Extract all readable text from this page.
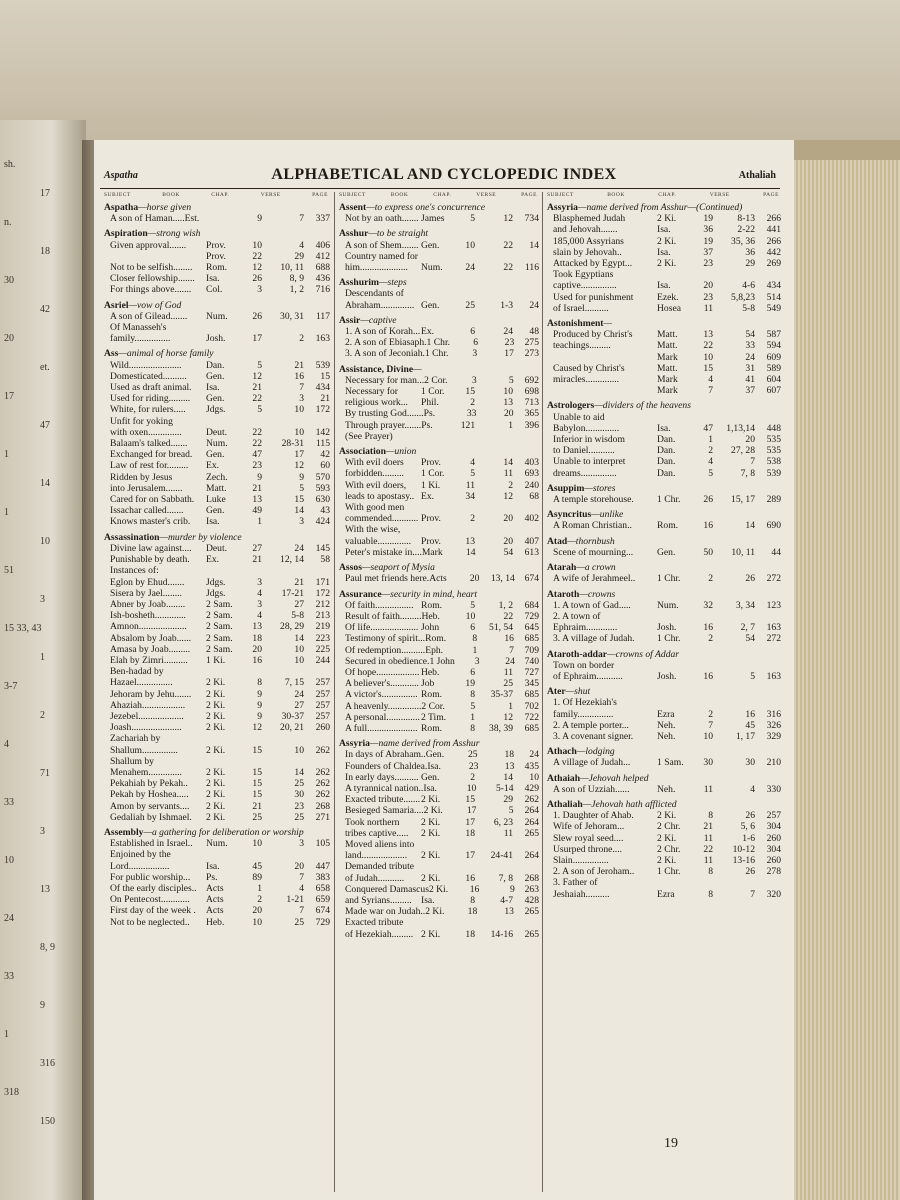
sh.
17
n.
18
30
42
20
et.
17
47
1
14
1
10
51
3
15 33, 43
1
3-7
2
4
71
33
3
10
13
24
8, 9
33
9
1
316
318
150
ALPHABETICAL AND CYCLOPEDIC INDEX
Aspatha	Athaliah
SUBJECT	BOOK	CHAP.	VERSE	PAGE
Aspatha—horse given
A son of Haman.....Est.	9	7	337
Aspiration—strong wish
Given approval.......	Prov.	10	4	406
Prov.	22	29	412
Not to be selfish........	Rom.	12	10, 11	688
Closer fellowship.......	Isa.	26	8, 9	436
For things above.......	Col.	3	1, 2	716
Asriel—vow of God
A son of Gilead.......	Num.	26	30, 31	117
Of Manasseh's
family...............	Josh.	17	2	163
Ass—animal of horse family
Wild......................	Dan.	5	21	539
Domesticated..........	Gen.	12	16	15
Used as draft animal.	Isa.	21	7	434
Used for riding.........	Gen.	22	3	21
White, for rulers.....	Jdgs.	5	10	172
Unfit for yoking
with oxen..............	Deut.	22	10	142
Balaam's talked.......	Num.	22	28-31	115
Exchanged for bread.	Gen.	47	17	42
Law of rest for.........	Ex.	23	12	60
Ridden by Jesus	Zech.	9	9	570
into Jerusalem.......	Matt.	21	5	593
Cared for on Sabbath.	Luke	13	15	630
Issachar called.......	Gen.	49	14	43
Knows master's crib.	Isa.	1	3	424
Assassination—murder by violence
Divine law against....	Deut.	27	24	145
Punishable by death.	Ex.	21	12, 14	58
Instances of:
Eglon by Ehud.......	Jdgs.	3	21	171
Sisera by Jael........	Jdgs.	4	17-21	172
Abner by Joab........	2 Sam.	3	27	212
Ish-bosheth.............	2 Sam.	4	5-8	213
Amnon....................	2 Sam.	13	28, 29	219
Absalom by Joab......	2 Sam.	18	14	223
Amasa by Joab.........	2 Sam.	20	10	225
Elah by Zimri..........	1 Ki.	16	10	244
Ben-hadad by
Hazael...............	2 Ki.	8	7, 15	257
Jehoram by Jehu.......	2 Ki.	9	24	257
Ahaziah..................	2 Ki.	9	27	257
Jezebel...................	2 Ki.	9	30-37	257
Joash.....................	2 Ki.	12	20, 21	260
Zachariah by
Shallum...............	2 Ki.	15	10	262
Shallum by
Menahem..............	2 Ki.	15	14	262
Pekahiah by Pekah..	2 Ki.	15	25	262
Pekah by Hoshea.....	2 Ki.	15	30	262
Amon by servants....	2 Ki.	21	23	268
Gedaliah by Ishmael.	2 Ki.	25	25	271
Assembly—a gathering for deliberation or worship
Established in Israel..	Num.	10	3	105
Enjoined by the
Lord.................	Isa.	45	20	447
For public worship...	Ps.	89	7	383
Of the early disciples.. Acts	1	4	658
On Pentecost............	Acts	2	1-21	659
First day of the week .	Acts	20	7	674
Not to be neglected..	Heb.	10	25	729
SUBJECT	BOOK	CHAP.	VERSE	PAGE
Assent—to express one's concurrence
Not by an oath....... James	5	12	734
Asshur—to be straight
A son of Shem....... Gen.	10	22	14
Country named for
him....................	Num.	24	22	116
Asshurim—steps
Descendants of
Abraham.............. Gen.	25	1-3	24
Assir—captive
1. A son of Korah... Ex.	6	24	48
2. A son of Ebiasaph. 1 Chr.	6	23	275
3. A son of Jeconiah. 1 Chr.	3	17	273
Assistance, Divine—
Necessary for man... 2 Cor.	3	5	692
Necessary for	1 Cor.	15	10	698
religious work...	Phil.	2	13	713
By trusting God....... Ps.	33	20	365
Through prayer....... Ps.	121	1	396
(See Prayer)
Association—union
With evil doers	Prov.	4	14	403
forbidden.........	1 Cor.	5	11	693
With evil doers,	1 Ki.	11	2	240
leads to apostasy.. Ex.	34	12	68
With good men
commended........... Prov.	2	20	402
With the wise,
valuable..............	Prov.	13	20	407
Peter's mistake in.... Mark	14	54	613
Assos—seaport of Mysia
Paul met friends here. Acts	20	13, 14	674
Assurance—security in mind, heart
Of faith................ Rom.	5	1, 2	684
Result of faith......... Heb.	10	22	729
Of life.................... John	6	51, 54	645
Testimony of spirit... Rom.	8	16	685
Of redemption.......... Eph.	1	7	709
Secured in obedience. 1 John	3	24	740
Of hope.................. Heb.	6	11	727
A believer's............ Job	19	25	345
A victor's............... Rom.	8	35-37	685
A heavenly.............. 2 Cor.	5	1	702
A personal.............. 2 Tim.	1	12	722
A full..................... Rom.	8	38, 39	685
Assyria—name derived from Asshur
In days of Abraham.. Gen.	25	18	24
Founders of Chaldea. Isa.	23	13	435
In early days.......... Gen.	2	14	10
A tyrannical nation.. Isa.	10	5-14	429
Exacted tribute....... 2 Ki.	15	29	262
Besieged Samaria.... 2 Ki.	17	5	264
Took northern	2 Ki.	17	6, 23	264
tribes captive.....	2 Ki.	18	11	265
Moved aliens into
land...................	2 Ki.	17	24-41	264
Demanded tribute
of Judah...........	2 Ki.	16	7, 8	268
Conquered Damascus 2 Ki.	16	9	263
and Syrians......... Isa.	8	4-7	428
Made war on Judah.. 2 Ki.	18	13	265
Exacted tribute
of Hezekiah......... 2 Ki.	18	14-16	265
SUBJECT	BOOK	CHAP.	VERSE	PAGE
Assyria—name derived from Asshur—(Continued)
Blasphemed Judah	2 Ki.	19	8-13	266
and Jehovah.......	Isa.	36	2-22	441
185,000 Assyrians	2 Ki.	19	35, 36	266
slain by Jehovah..	Isa.	37	36	442
Attacked by Egypt...	2 Ki.	23	29	269
Took Egyptians
captive...............	Isa.	20	4-6	434
Used for punishment	Ezek.	23	5,8,23	514
of Israel..........	Hosea	11	5-8	549
Astonishment—
Produced by Christ's	Matt.	13	54	587
teachings.........	Matt.	22	33	594
Mark	10	24	609
Caused by Christ's	Matt.	15	31	589
miracles..............	Mark	4	41	604
Mark	7	37	607
Astrologers—dividers of the heavens
Unable to aid
Babylon..............	Isa.	47	1,13,14	448
Inferior in wisdom	Dan.	1	20	535
to Daniel...........	Dan.	2	27, 28	535
Unable to interpret	Dan.	4	7	538
dreams...............	Dan.	5	7, 8	539
Asuppim—stores
A temple storehouse.	1 Chr.	26	15, 17	289
Asyncritus—unlike
A Roman Christian..	Rom.	16	14	690
Atad—thornbush
Scene of mourning...	Gen.	50	10, 11	44
Atarah—a crown
A wife of Jerahmeel..	1 Chr.	2	26	272
Ataroth—crowns
1. A town of Gad.....	Num.	32	3, 34	123
2. A town of
Ephraim.............	Josh.	16	2, 7	163
3. A village of Judah.	1 Chr.	2	54	272
Ataroth-addar—crowns of Addar
Town on border
of Ephraim...........	Josh.	16	5	163
Ater—shut
1. Of Hezekiah's
family...............	Ezra	2	16	316
2. A temple porter...	Neh.	7	45	326
3. A covenant signer.	Neh.	10	1, 17	329
Athach—lodging
A village of Judah...	1 Sam.	30	30	210
Athaiah—Jehovah helped
A son of Uzziah......	Neh.	11	4	330
Athaliah—Jehovah hath afflicted
1. Daughter of Ahab.	2 Ki.	8	26	257
Wife of Jehoram...	2 Chr.	21	5, 6	304
Slew royal seed....	2 Ki.	11	1-6	260
Usurped throne....	2 Chr.	22	10-12	304
Slain...............	2 Ki.	11	13-16	260
2. A son of Jeroham..	1 Chr.	8	26	278
3. Father of
Jeshaiah..........	Ezra	8	7	320
19
